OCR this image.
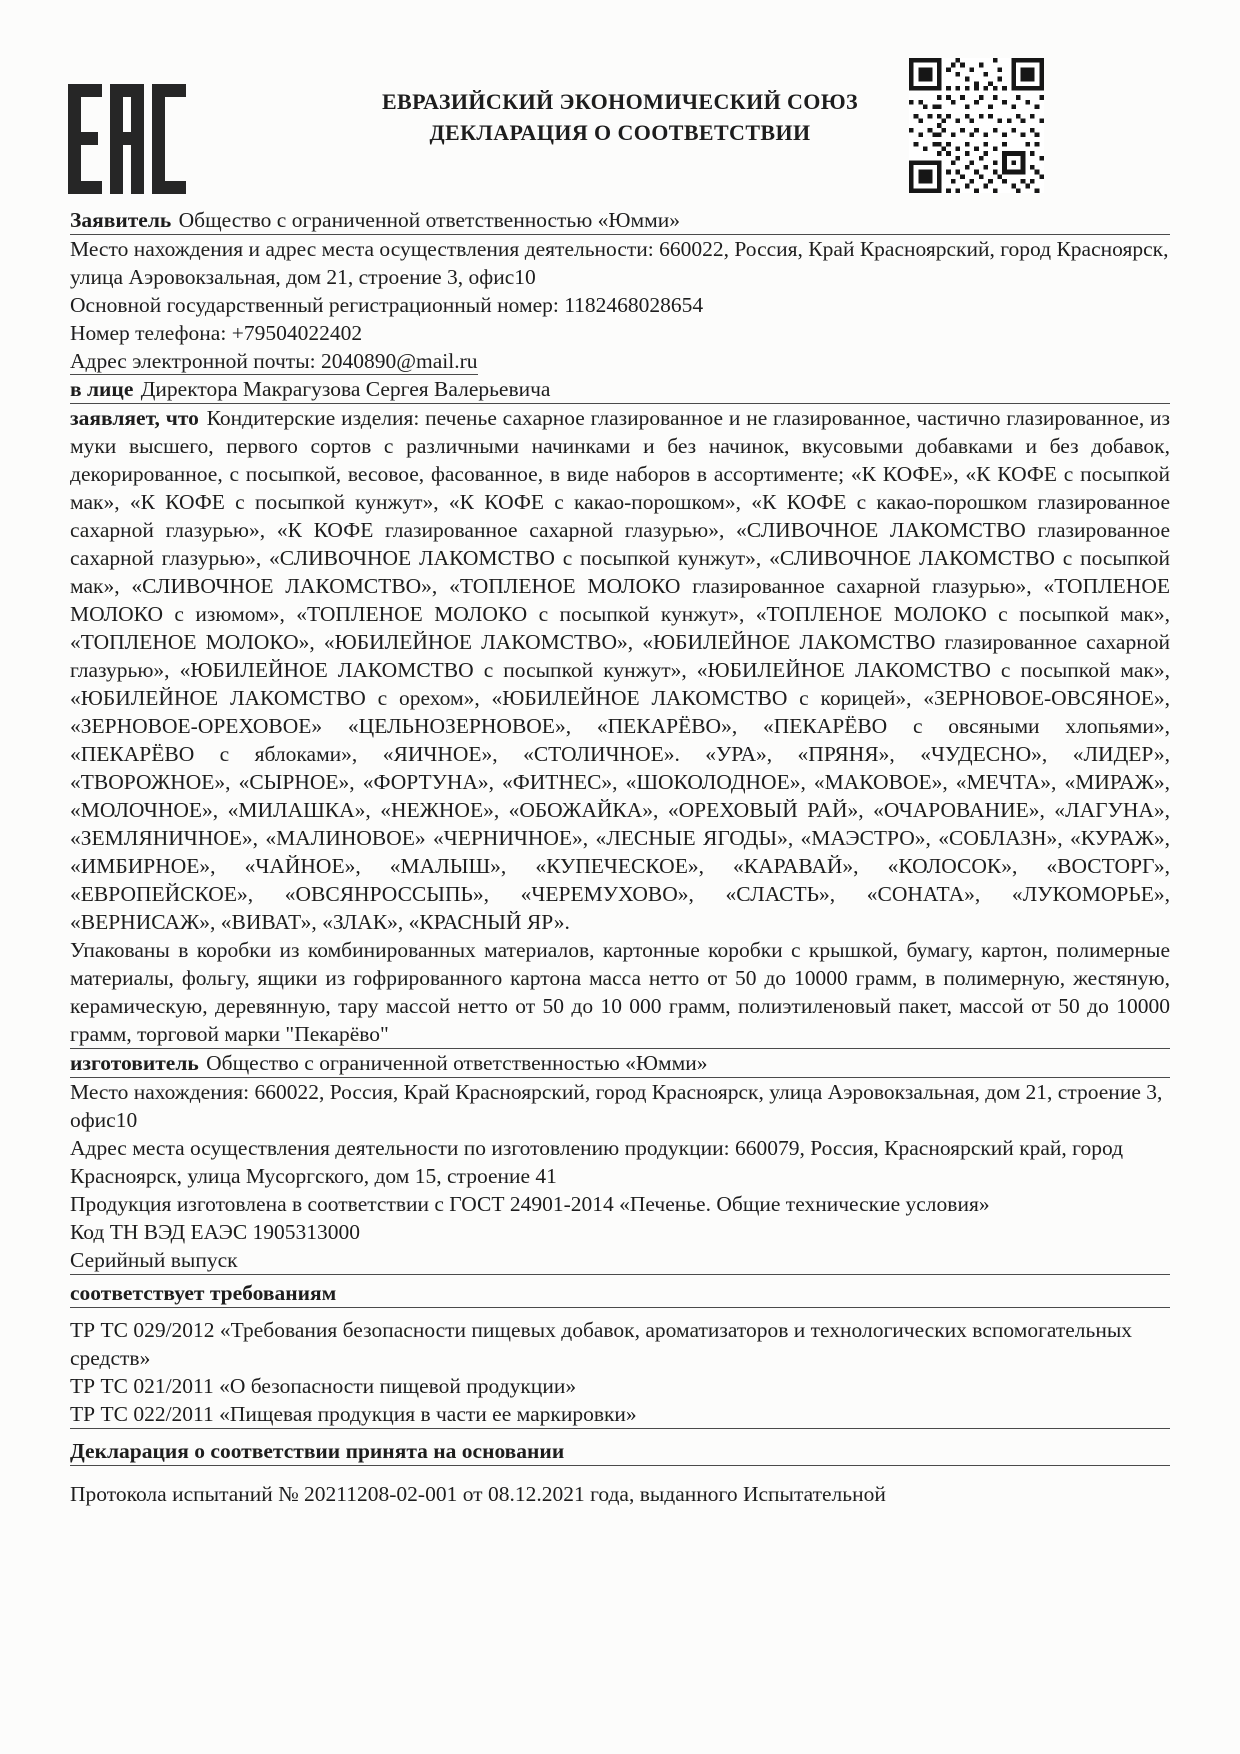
ЕВРАЗИЙСКИЙ ЭКОНОМИЧЕСКИЙ СОЮЗ
ДЕКЛАРАЦИЯ О СООТВЕТСТВИИ

Заявитель Общество с ограниченной ответственностью «Юмми»

Место нахождения и адрес места осуществления деятельности: 660022, Россия, Край Красноярский, город Красноярск, улица Аэровокзальная, дом 21, строение 3, офис10

Основной государственный регистрационный номер: 1182468028654

Номер телефона: +79504022402

Адрес электронной почты: 2040890@mail.ru

в лице Директора Макрагузова Сергея Валерьевича

заявляет, что Кондитерские изделия: печенье сахарное глазированное и не глазированное, частично глазированное, из муки высшего, первого сортов с различными начинками и без начинок, вкусовыми добавками и без добавок, декорированное, с посыпкой, весовое, фасованное, в виде наборов в ассортименте; «К КОФЕ», «К КОФЕ с посыпкой мак», «К КОФЕ с посыпкой кунжут», «К КОФЕ с какао-порошком», «К КОФЕ с какао-порошком глазированное сахарной глазурью», «К КОФЕ глазированное сахарной глазурью», «СЛИВОЧНОЕ ЛАКОМСТВО глазированное сахарной глазурью», «СЛИВОЧНОЕ ЛАКОМСТВО с посыпкой кунжут», «СЛИВОЧНОЕ ЛАКОМСТВО с посыпкой мак», «СЛИВОЧНОЕ ЛАКОМСТВО», «ТОПЛЕНОЕ МОЛОКО глазированное сахарной глазурью», «ТОПЛЕНОЕ МОЛОКО с изюмом», «ТОПЛЕНОЕ МОЛОКО с посыпкой кунжут», «ТОПЛЕНОЕ МОЛОКО с посыпкой мак», «ТОПЛЕНОЕ МОЛОКО», «ЮБИЛЕЙНОЕ ЛАКОМСТВО», «ЮБИЛЕЙНОЕ ЛАКОМСТВО глазированное сахарной глазурью», «ЮБИЛЕЙНОЕ ЛАКОМСТВО с посыпкой кунжут», «ЮБИЛЕЙНОЕ ЛАКОМСТВО с посыпкой мак», «ЮБИЛЕЙНОЕ ЛАКОМСТВО с орехом», «ЮБИЛЕЙНОЕ ЛАКОМСТВО с корицей», «ЗЕРНОВОЕ-ОВСЯНОЕ», «ЗЕРНОВОЕ-ОРЕХОВОЕ» «ЦЕЛЬНОЗЕРНОВОЕ», «ПЕКАРЁВО», «ПЕКАРЁВО с овсяными хлопьями», «ПЕКАРЁВО с яблоками», «ЯИЧНОЕ», «СТОЛИЧНОЕ». «УРА», «ПРЯНЯ», «ЧУДЕСНО», «ЛИДЕР», «ТВОРОЖНОЕ», «СЫРНОЕ», «ФОРТУНА», «ФИТНЕС», «ШОКОЛОДНОЕ», «МАКОВОЕ», «МЕЧТА», «МИРАЖ», «МОЛОЧНОЕ», «МИЛАШКА», «НЕЖНОЕ», «ОБОЖАЙКА», «ОРЕХОВЫЙ РАЙ», «ОЧАРОВАНИЕ», «ЛАГУНА», «ЗЕМЛЯНИЧНОЕ», «МАЛИНОВОЕ» «ЧЕРНИЧНОЕ», «ЛЕСНЫЕ ЯГОДЫ», «МАЭСТРО», «СОБЛАЗН», «КУРАЖ», «ИМБИРНОЕ», «ЧАЙНОЕ», «МАЛЫШ», «КУПЕЧЕСКОЕ», «КАРАВАЙ», «КОЛОСОК», «ВОСТОРГ», «ЕВРОПЕЙСКОЕ», «ОВСЯНРОССЫПЬ», «ЧЕРЕМУХОВО», «СЛАСТЬ», «СОНАТА», «ЛУКОМОРЬЕ», «ВЕРНИСАЖ», «ВИВАТ», «ЗЛАК», «КРАСНЫЙ ЯР».

Упакованы в коробки из комбинированных материалов, картонные коробки с крышкой, бумагу, картон, полимерные материалы, фольгу, ящики из гофрированного картона масса нетто от 50 до 10000 грамм, в полимерную, жестяную, керамическую, деревянную, тару массой нетто от 50 до 10 000 грамм, полиэтиленовый пакет, массой от 50 до 10000 грамм, торговой марки "Пекарёво"

изготовитель Общество с ограниченной ответственностью «Юмми»

Место нахождения: 660022, Россия, Край Красноярский, город Красноярск, улица Аэровокзальная, дом 21, строение 3, офис10

Адрес места осуществления деятельности по изготовлению продукции: 660079, Россия, Красноярский край, город Красноярск, улица Мусоргского, дом 15, строение 41

Продукция изготовлена в соответствии с ГОСТ 24901-2014 «Печенье. Общие технические условия»

Код ТН ВЭД ЕАЭС 1905313000

Серийный выпуск

соответствует требованиям

ТР ТС 029/2012 «Требования безопасности пищевых добавок, ароматизаторов и технологических вспомогательных средств»

ТР ТС 021/2011 «О безопасности пищевой продукции»

ТР ТС 022/2011 «Пищевая продукция в части ее маркировки»

Декларация о соответствии принята на основании

Протокола испытаний № 20211208-02-001 от 08.12.2021 года, выданного Испытательной
